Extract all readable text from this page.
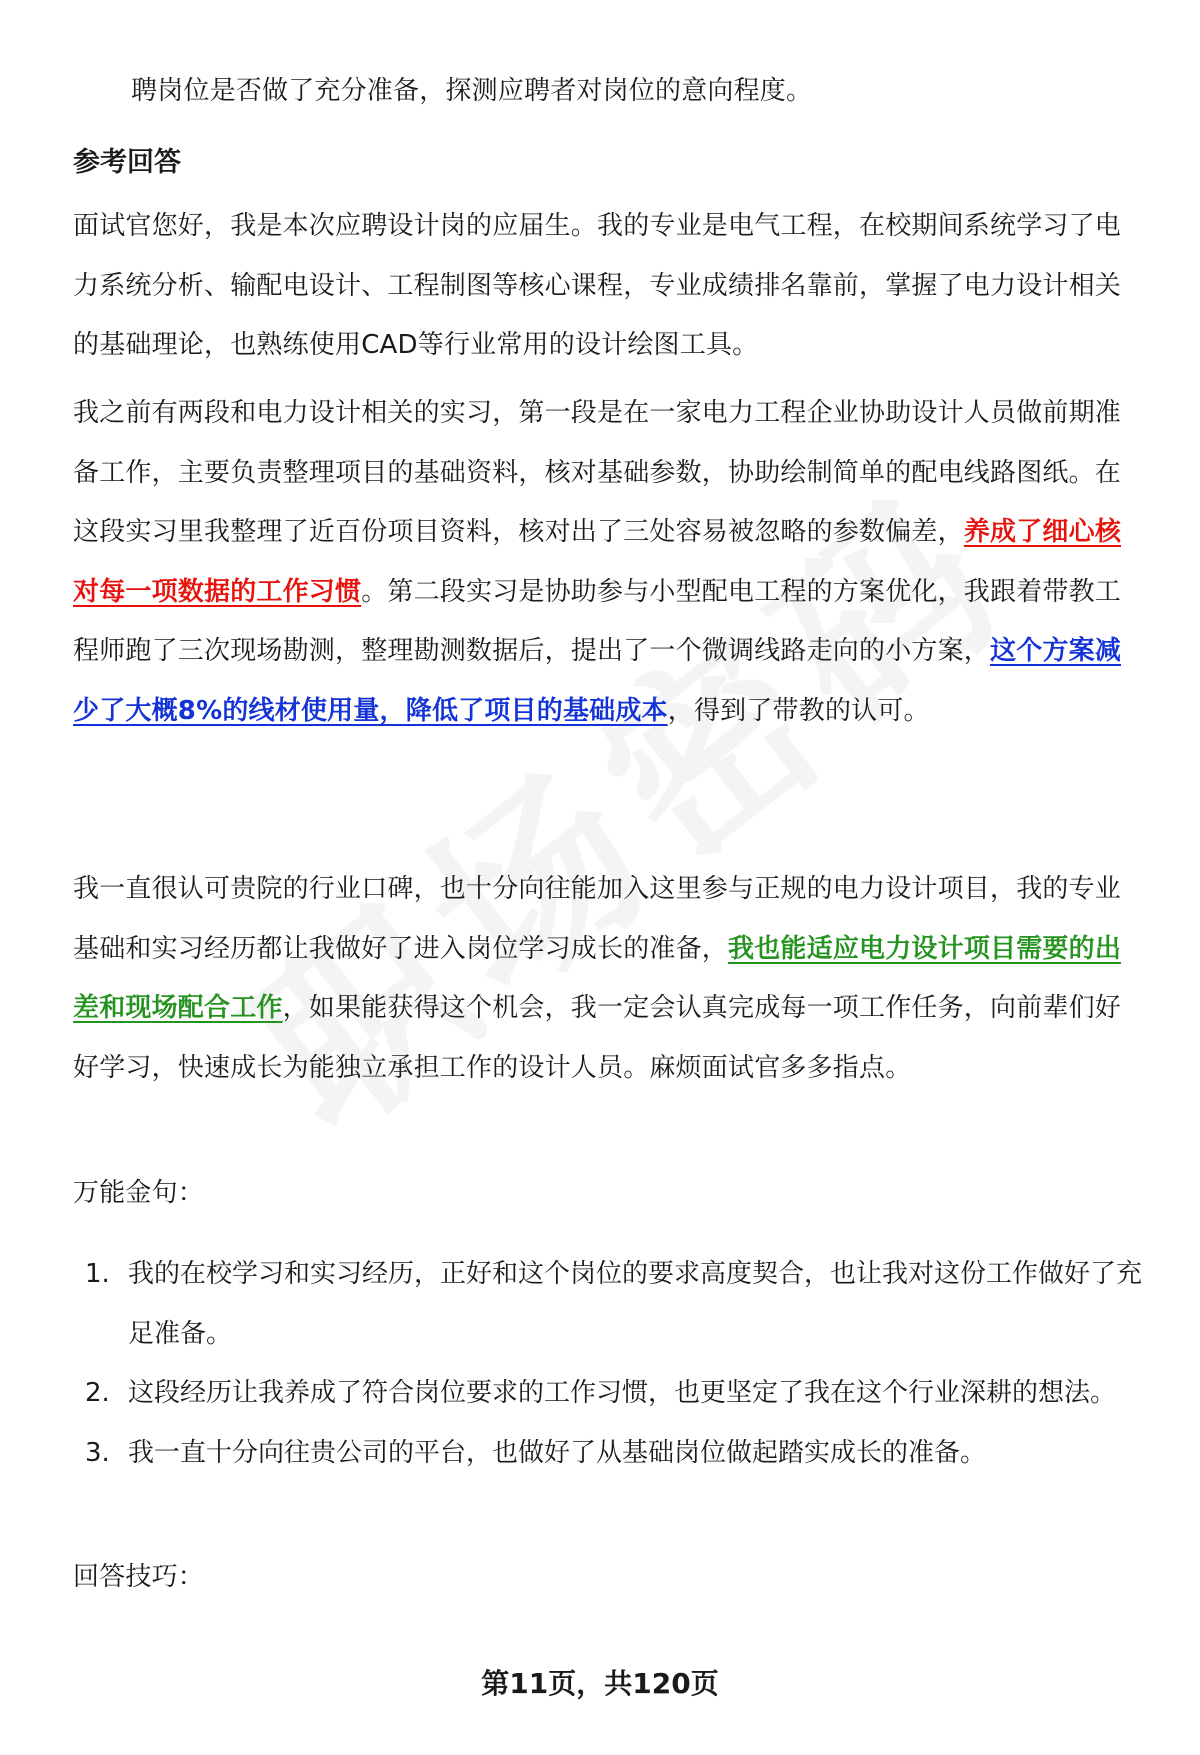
聘岗位是否做了充分准备，探测应聘者对岗位的意向程度。

参考回答

面试官您好，我是本次应聘设计岗的应届生。我的专业是电气工程，在校期间系统学习了电力系统分析、输配电设计、工程制图等核心课程，专业成绩排名靠前，掌握了电力设计相关的基础理论，也熟练使用CAD等行业常用的设计绘图工具。

我之前有两段和电力设计相关的实习，第一段是在一家电力工程企业协助设计人员做前期准备工作，主要负责整理项目的基础资料，核对基础参数，协助绘制简单的配电线路图纸。在这段实习里我整理了近百份项目资料，核对出了三处容易被忽略的参数偏差，养成了细心核对每一项数据的工作习惯。第二段实习是协助参与小型配电工程的方案优化，我跟着带教工程师跑了三次现场勘测，整理勘测数据后，提出了一个微调线路走向的小方案，这个方案减少了大概8%的线材使用量，降低了项目的基础成本，得到了带教的认可。

我一直很认可贵院的行业口碑，也十分向往能加入这里参与正规的电力设计项目，我的专业基础和实习经历都让我做好了进入岗位学习成长的准备，我也能适应电力设计项目需要的出差和现场配合工作，如果能获得这个机会，我一定会认真完成每一项工作任务，向前辈们好好学习，快速成长为能独立承担工作的设计人员。麻烦面试官多多指点。

万能金句：

1. 我的在校学习和实习经历，正好和这个岗位的要求高度契合，也让我对这份工作做好了充足准备。
2. 这段经历让我养成了符合岗位要求的工作习惯，也更坚定了我在这个行业深耕的想法。
3. 我一直十分向往贵公司的平台，也做好了从基础岗位做起踏实成长的准备。

回答技巧：

第11页，共120页
